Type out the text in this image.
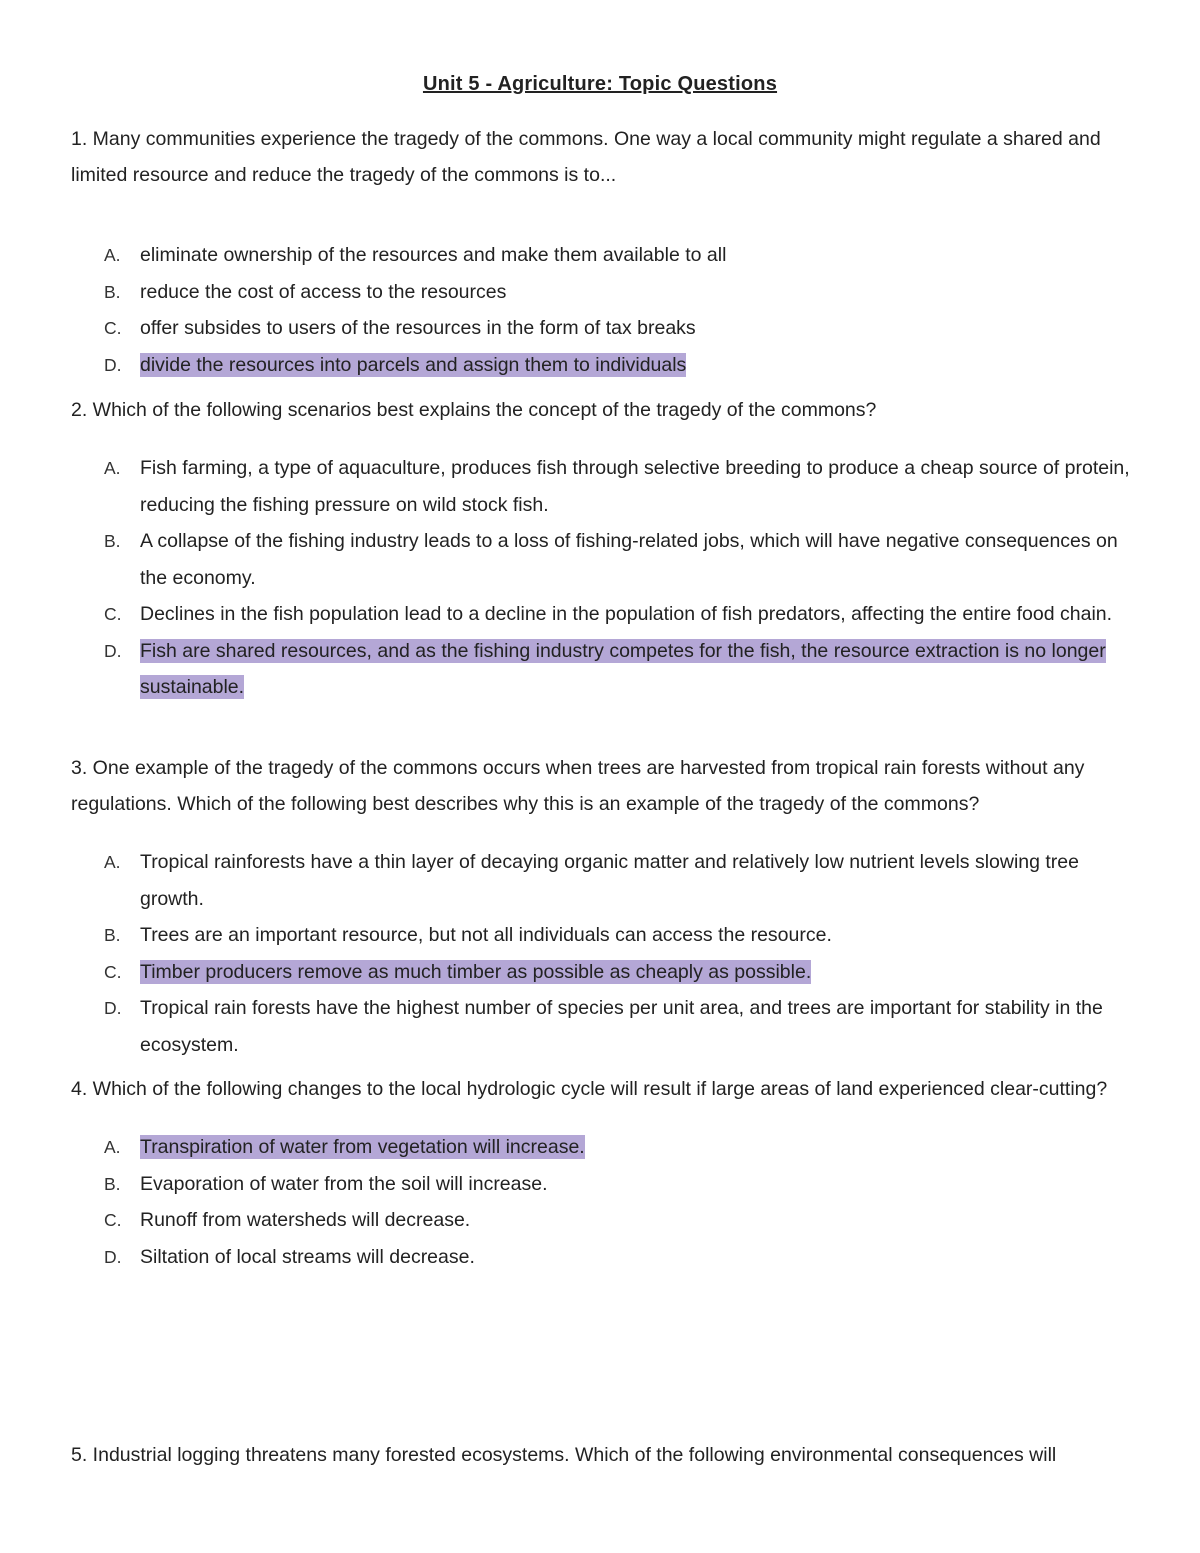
Unit 5 - Agriculture: Topic Questions

1. Many communities experience the tragedy of the commons. One way a local community might regulate a shared and limited resource and reduce the tragedy of the commons is to...

A. eliminate ownership of the resources and make them available to all
B. reduce the cost of access to the resources
C. offer subsides to users of the resources in the form of tax breaks
D. divide the resources into parcels and assign them to individuals

2. Which of the following scenarios best explains the concept of the tragedy of the commons?

A. Fish farming, a type of aquaculture, produces fish through selective breeding to produce a cheap source of protein, reducing the fishing pressure on wild stock fish.
B. A collapse of the fishing industry leads to a loss of fishing-related jobs, which will have negative consequences on the economy.
C. Declines in the fish population lead to a decline in the population of fish predators, affecting the entire food chain.
D. Fish are shared resources, and as the fishing industry competes for the fish, the resource extraction is no longer sustainable.

3. One example of the tragedy of the commons occurs when trees are harvested from tropical rain forests without any regulations. Which of the following best describes why this is an example of the tragedy of the commons?

A. Tropical rainforests have a thin layer of decaying organic matter and relatively low nutrient levels slowing tree growth.
B. Trees are an important resource, but not all individuals can access the resource.
C. Timber producers remove as much timber as possible as cheaply as possible.
D. Tropical rain forests have the highest number of species per unit area, and trees are important for stability in the ecosystem.

4. Which of the following changes to the local hydrologic cycle will result if large areas of land experienced clear-cutting?

A. Transpiration of water from vegetation will increase.
B. Evaporation of water from the soil will increase.
C. Runoff from watersheds will decrease.
D. Siltation of local streams will decrease.

5. Industrial logging threatens many forested ecosystems. Which of the following environmental consequences will
